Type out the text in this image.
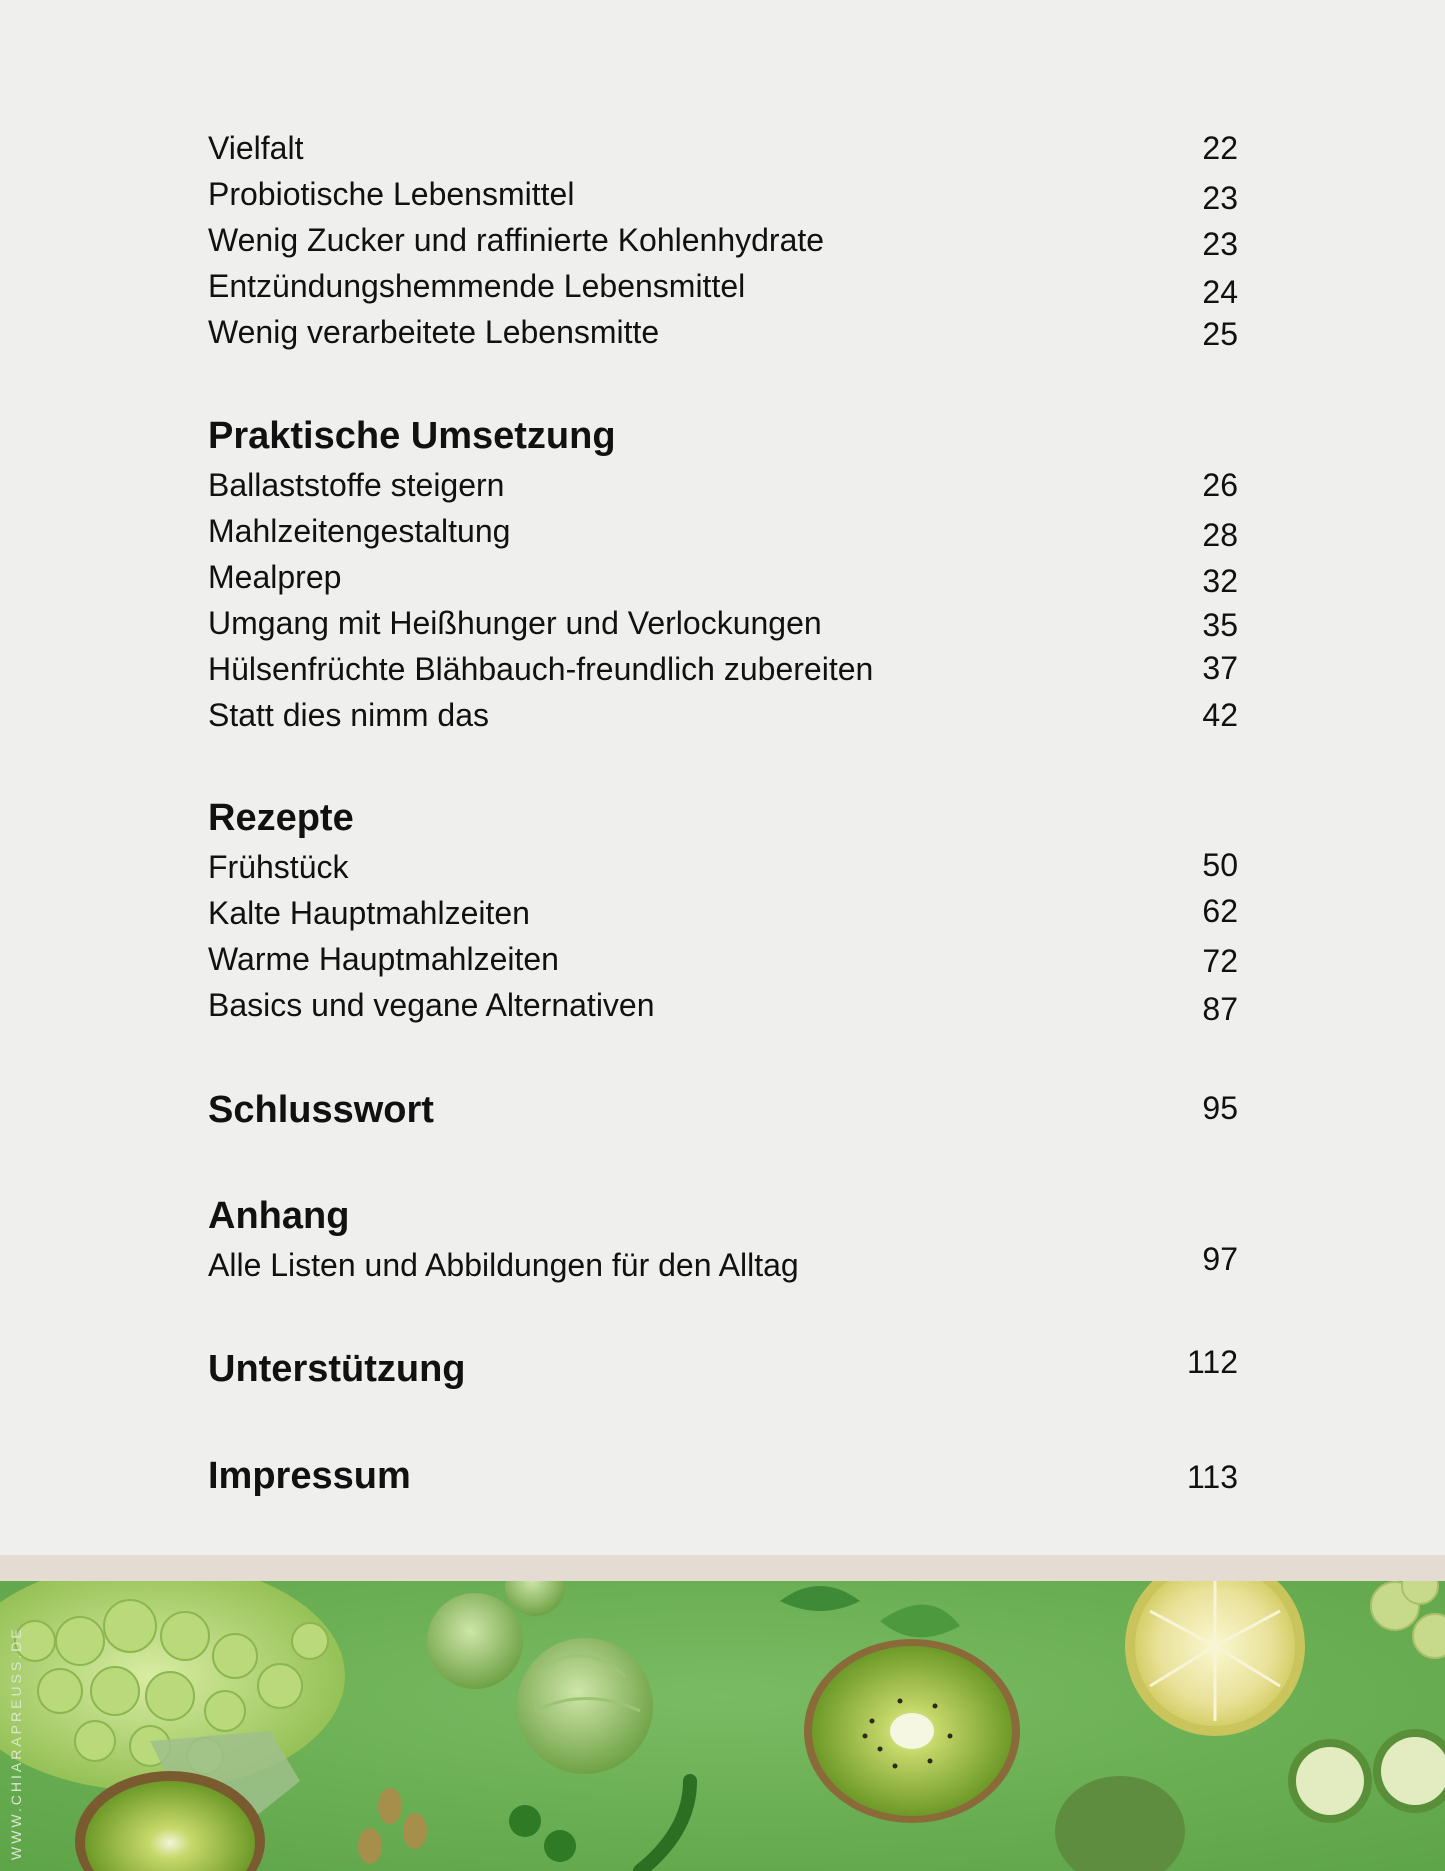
Vielfalt	22
Probiotische Lebensmittel	23
Wenig Zucker und raffinierte Kohlenhydrate	23
Entzündungshemmende Lebensmittel	24
Wenig verarbeitete Lebensmitte	25
Praktische Umsetzung
Ballaststoffe steigern	26
Mahlzeitengestaltung	28
Mealprep	32
Umgang mit Heißhunger und Verlockungen	35
Hülsenfrüchte Blähbauch-freundlich zubereiten	37
Statt dies nimm das	42
Rezepte
Frühstück	50
Kalte Hauptmahlzeiten	62
Warme Hauptmahlzeiten	72
Basics und vegane Alternativen	87
Schlusswort	95
Anhang
Alle Listen und Abbildungen für den Alltag	97
Unterstützung	112
Impressum	113
WWW.CHIARAPREUSS.DE
